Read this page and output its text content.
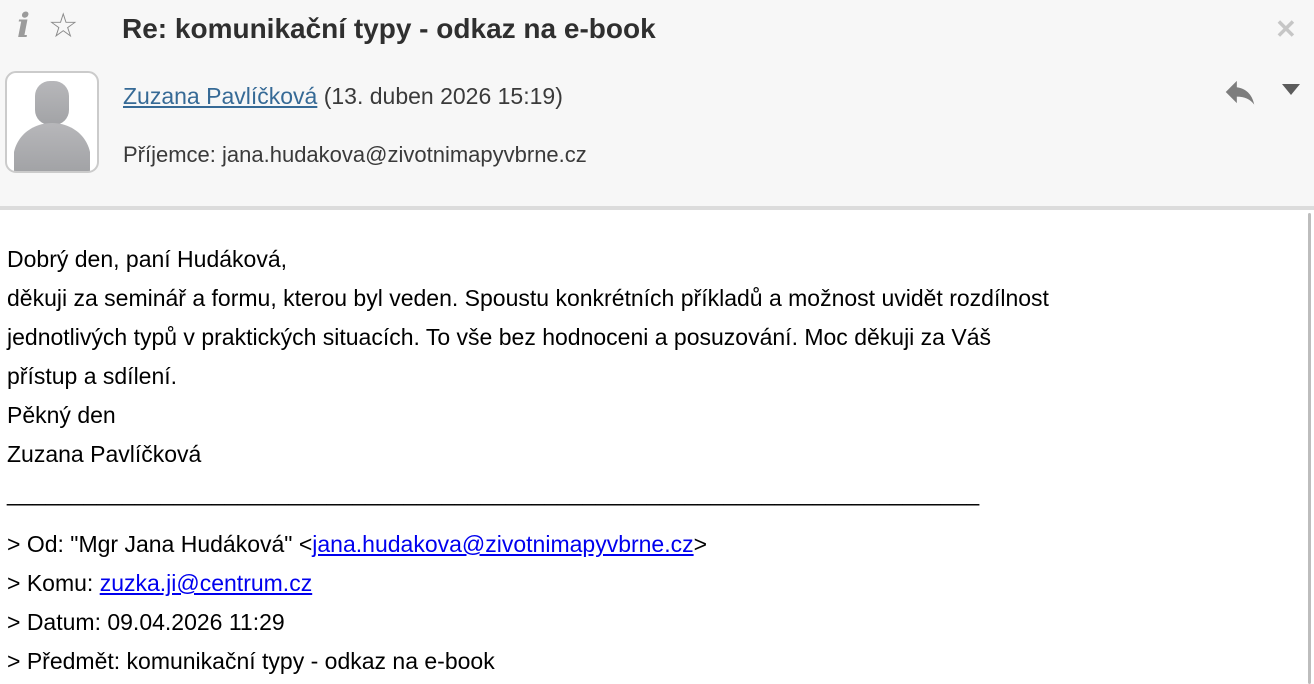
i ☆ Re: komunikační typy - odkaz na e-book	✕
Zuzana Pavlíčková (13. duben 2026 15:19)
Příjemce: jana.hudakova@zivotnimapyvbrne.cz
Dobrý den, paní Hudáková,
děkuji za seminář a formu, kterou byl veden. Spoustu konkrétních příkladů a možnost uvidět rozdílnost
jednotlivých typů v praktických situacích. To vše bez hodnoceni a posuzování. Moc děkuji za Váš
přístup a sdílení.
Pěkný den
Zuzana Pavlíčková
____________________________________________________________________________
> Od: "Mgr Jana Hudáková" <jana.hudakova@zivotnimapyvbrne.cz>
> Komu: zuzka.ji@centrum.cz
> Datum: 09.04.2026 11:29
> Předmět: komunikační typy - odkaz na e-book
